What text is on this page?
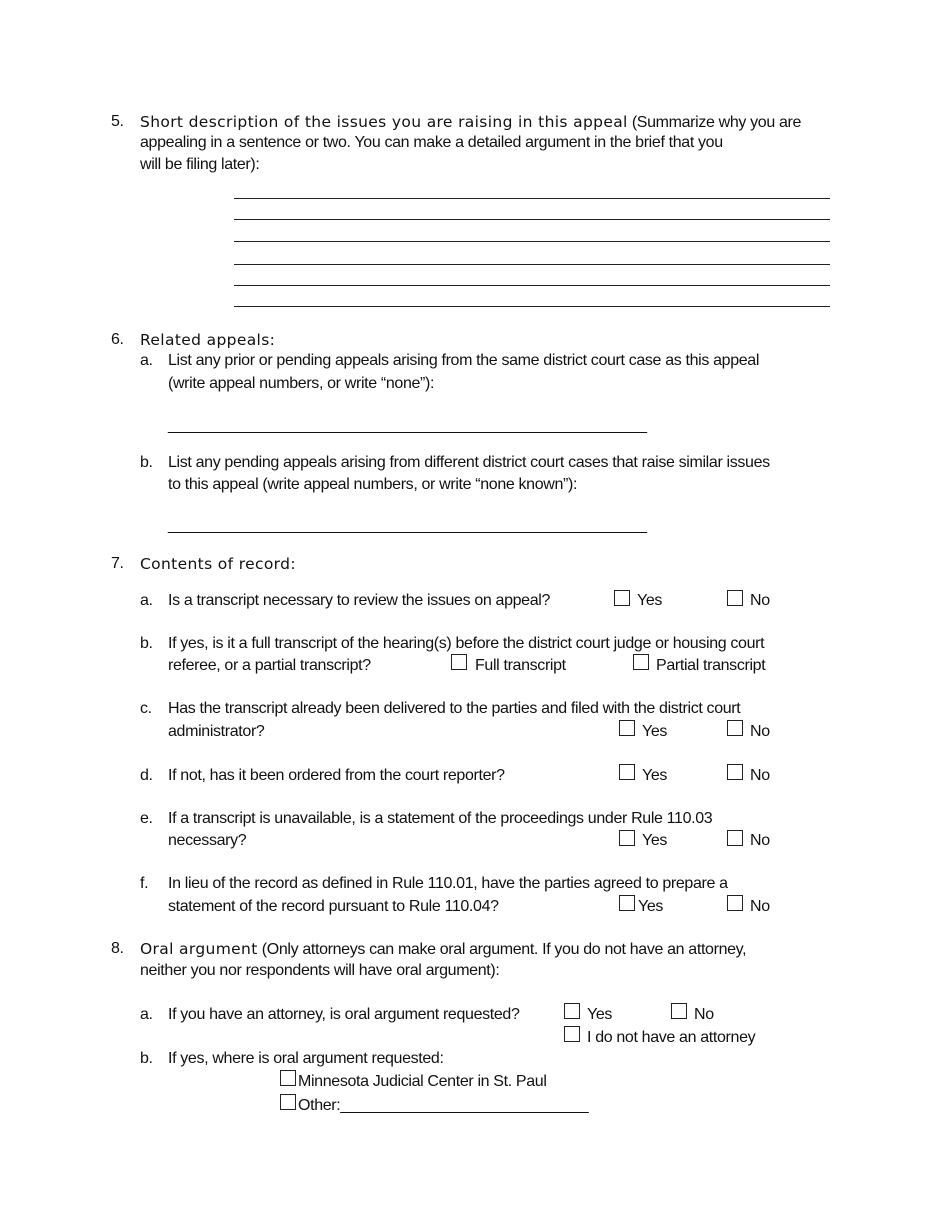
5. Short description of the issues you are raising in this appeal (Summarize why you are
appealing in a sentence or two. You can make a detailed argument in the brief that you
will be filing later):
6. Related appeals:
a. List any prior or pending appeals arising from the same district court case as this appeal
(write appeal numbers, or write “none”):
________________________________________________________
b. List any pending appeals arising from different district court cases that raise similar issues
to this appeal (write appeal numbers, or write “none known”):
________________________________________________________
7. Contents of record:
a. Is a transcript necessary to review the issues on appeal?	Yes	No
b. If yes, is it a full transcript of the hearing(s) before the district court judge or housing court
referee, or a partial transcript?	Full transcript	Partial transcript
c. Has the transcript already been delivered to the parties and filed with the district court
administrator?	Yes	No
d. If not, has it been ordered from the court reporter?	Yes	No
e. If a transcript is unavailable, is a statement of the proceedings under Rule 110.03
necessary?	Yes	No
f. In lieu of the record as defined in Rule 110.01, have the parties agreed to prepare a
statement of the record pursuant to Rule 110.04?	Yes	No
8. Oral argument (Only attorneys can make oral argument. If you do not have an attorney,
neither you nor respondents will have oral argument):
a. If you have an attorney, is oral argument requested?	Yes	No
I do not have an attorney
b. If yes, where is oral argument requested:
Minnesota Judicial Center in St. Paul
Other:_____________________________
